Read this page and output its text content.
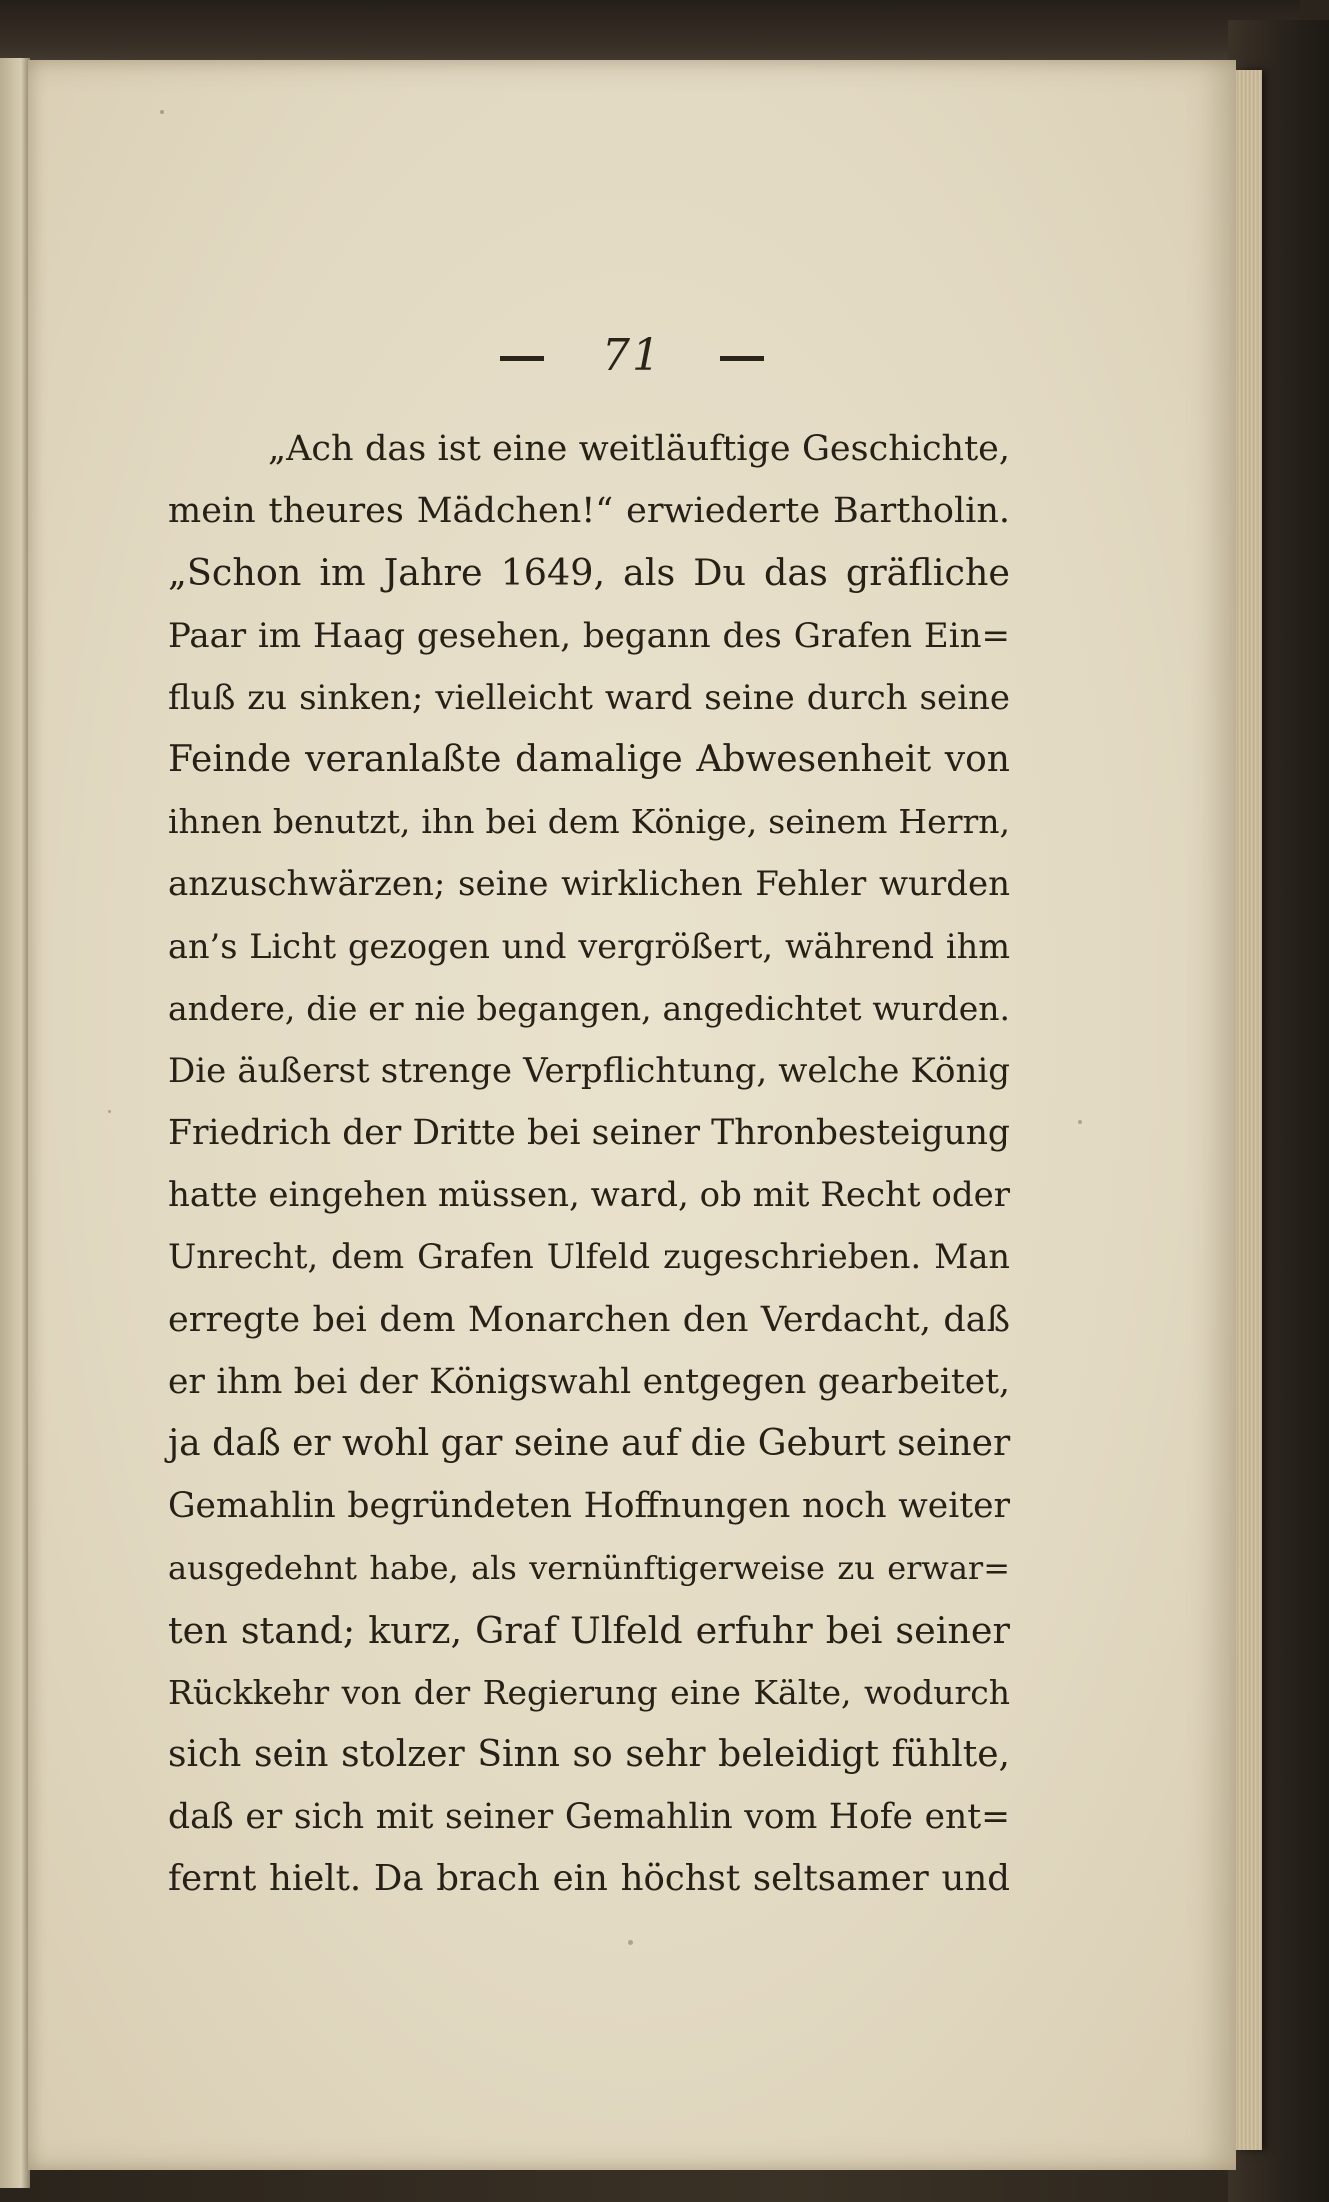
71
„Ach das ist eine weitläuftige Geschichte,
mein theures Mädchen!“ erwiederte Bartholin.
„Schon im Jahre 1649, als Du das gräfliche
Paar im Haag gesehen, begann des Grafen Ein=
fluß zu sinken; vielleicht ward seine durch seine
Feinde veranlaßte damalige Abwesenheit von
ihnen benutzt, ihn bei dem Könige, seinem Herrn,
anzuschwärzen; seine wirklichen Fehler wurden
an’s Licht gezogen und vergrößert, während ihm
andere, die er nie begangen, angedichtet wurden.
Die äußerst strenge Verpflichtung, welche König
Friedrich der Dritte bei seiner Thronbesteigung
hatte eingehen müssen, ward, ob mit Recht oder
Unrecht, dem Grafen Ulfeld zugeschrieben. Man
erregte bei dem Monarchen den Verdacht, daß
er ihm bei der Königswahl entgegen gearbeitet,
ja daß er wohl gar seine auf die Geburt seiner
Gemahlin begründeten Hoffnungen noch weiter
ausgedehnt habe, als vernünftigerweise zu erwar=
ten stand; kurz, Graf Ulfeld erfuhr bei seiner
Rückkehr von der Regierung eine Kälte, wodurch
sich sein stolzer Sinn so sehr beleidigt fühlte,
daß er sich mit seiner Gemahlin vom Hofe ent=
fernt hielt. Da brach ein höchst seltsamer und
